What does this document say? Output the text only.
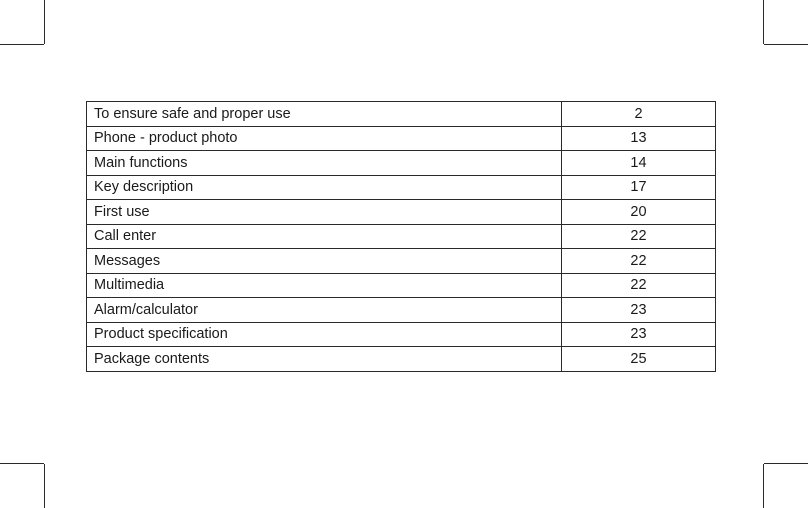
To ensure safe and proper use	2
Phone - product photo	13
Main functions	14
Key description	17
First use	20
Call enter	22
Messages	22
Multimedia	22
Alarm/calculator	23
Product specification	23
Package contents	25
